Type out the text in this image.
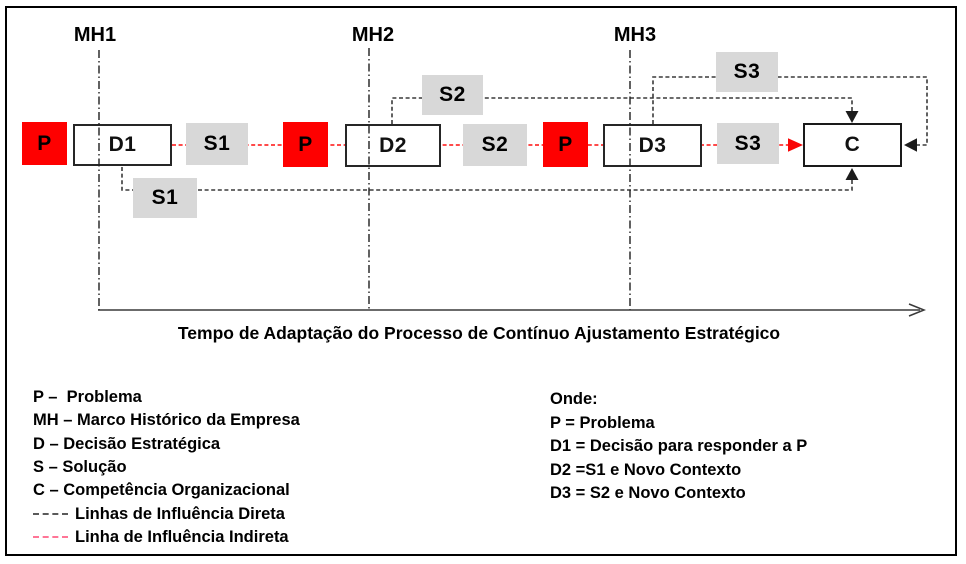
P	D1	S1
S1
P	D2	S2
S2
P	D3	S3
S3
C
MH1	MH2	MH3
Tempo de Adaptação do Processo de Contínuo Ajustamento Estratégico
P –  Problema
MH – Marco Histórico da Empresa
D – Decisão Estratégica
S – Solução
C – Competência Organizacional
Linhas de Influência Direta
Linha de Influência Indireta
Onde:
P = Problema
D1 = Decisão para responder a P
D2 =S1 e Novo Contexto
D3 = S2 e Novo Contexto
